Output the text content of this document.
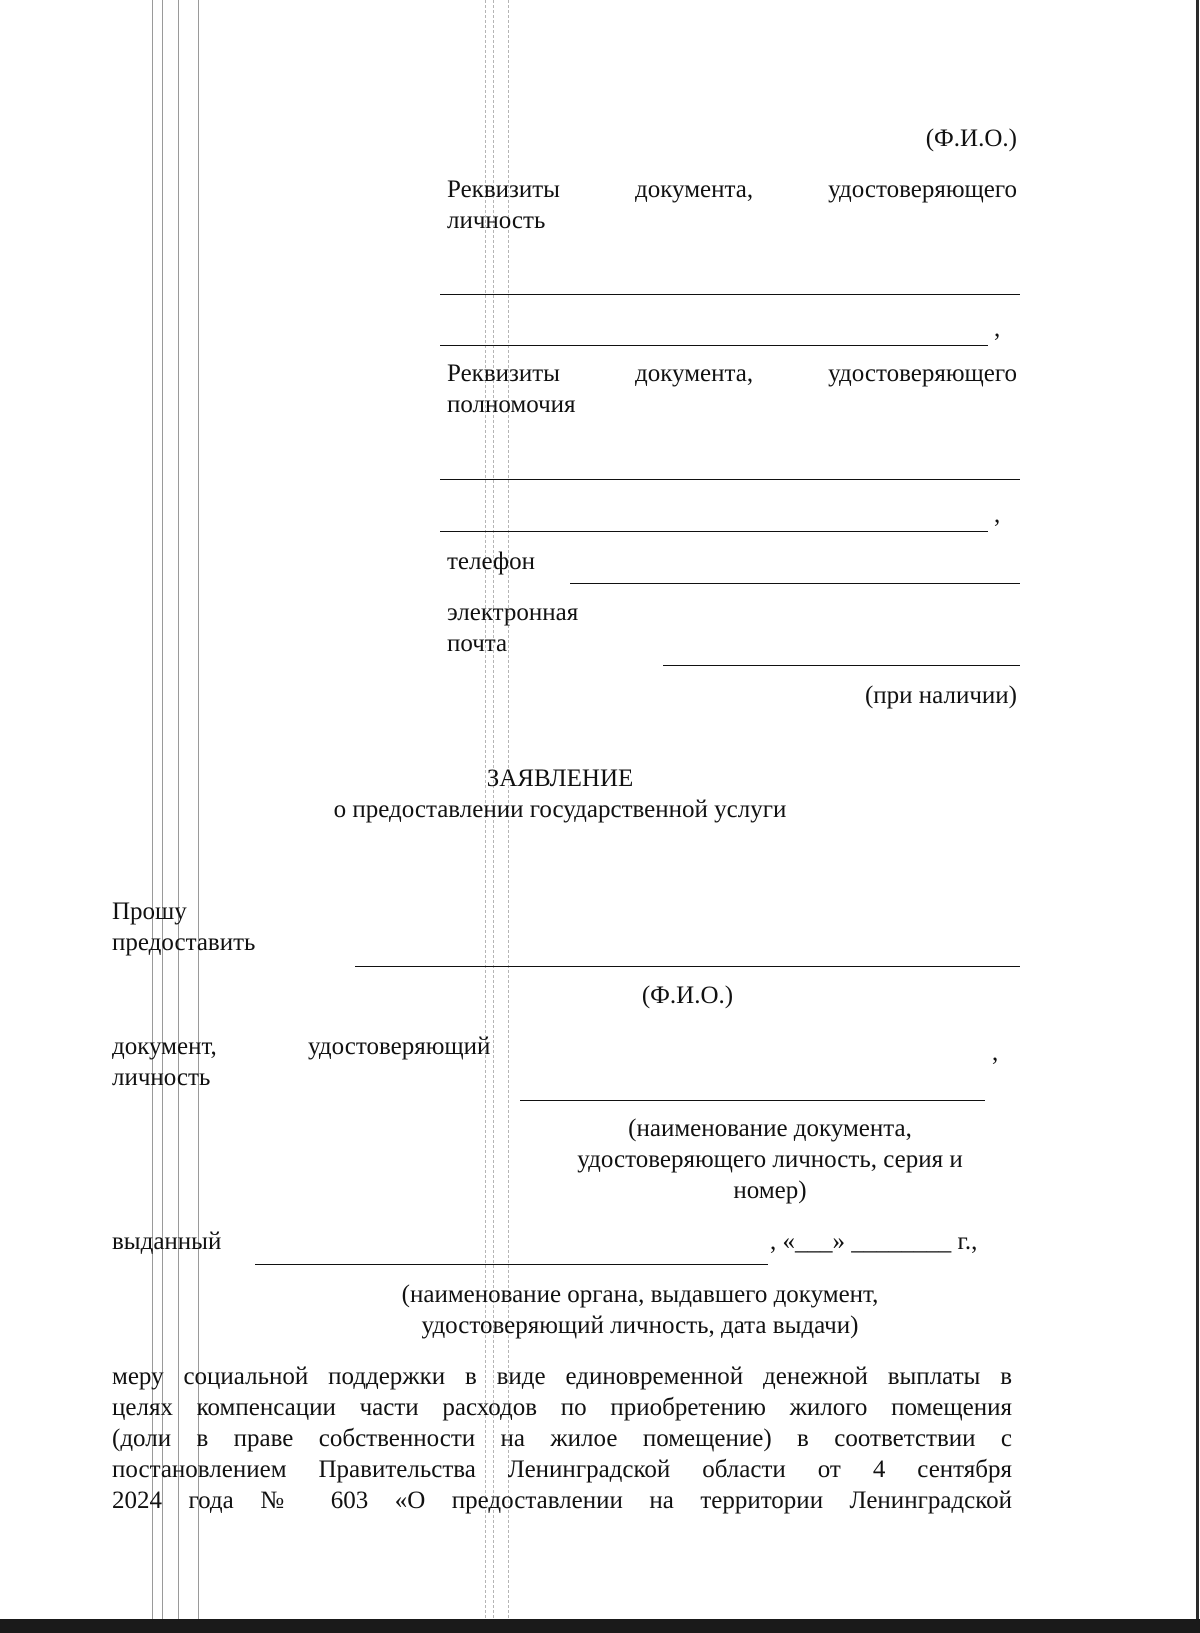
(Ф.И.О.)
Реквизиты	документа,	удостоверяющего
личность
,
Реквизиты	документа,	удостоверяющего
полномочия
,
телефон
электронная
почта
(при наличии)
ЗАЯВЛЕНИЕ
о предоставлении государственной услуги
Прошу
предоставить
(Ф.И.О.)
документ,	удостоверяющий
личность
,
(наименование документа,
удостоверяющего личность, серия и
номер)
выданный	, «___» ________ г.,
(наименование органа, выдавшего документ,
удостоверяющий личность, дата выдачи)
меру социальной поддержки в виде единовременной денежной выплаты в
целях компенсации части расходов по приобретению жилого помещения
(доли в праве собственности на жилое помещение) в соответствии с
постановлением Правительства Ленинградской области от 4 сентября
2024 года № 603 «О предоставлении на территории Ленинградской
